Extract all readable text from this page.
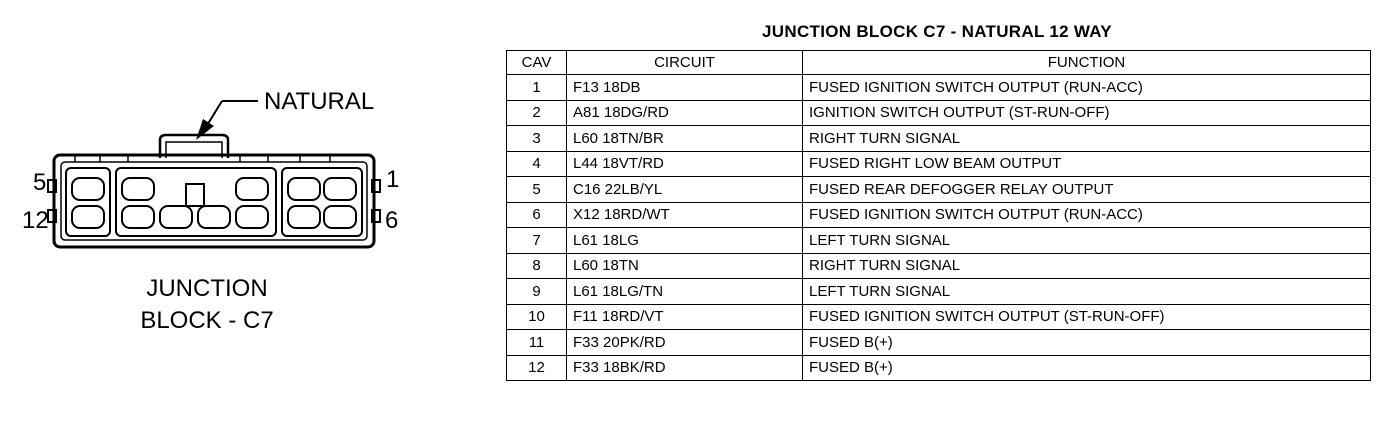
NATURAL
5
12
1
6
JUNCTION
BLOCK - C7
JUNCTION BLOCK C7 - NATURAL 12 WAY
CAV	CIRCUIT	FUNCTION
1	F13 18DB	FUSED IGNITION SWITCH OUTPUT (RUN-ACC)
2	A81 18DG/RD	IGNITION SWITCH OUTPUT (ST-RUN-OFF)
3	L60 18TN/BR	RIGHT TURN SIGNAL
4	L44 18VT/RD	FUSED RIGHT LOW BEAM OUTPUT
5	C16 22LB/YL	FUSED REAR DEFOGGER RELAY OUTPUT
6	X12 18RD/WT	FUSED IGNITION SWITCH OUTPUT (RUN-ACC)
7	L61 18LG	LEFT TURN SIGNAL
8	L60 18TN	RIGHT TURN SIGNAL
9	L61 18LG/TN	LEFT TURN SIGNAL
10	F11 18RD/VT	FUSED IGNITION SWITCH OUTPUT (ST-RUN-OFF)
11	F33 20PK/RD	FUSED B(+)
12	F33 18BK/RD	FUSED B(+)
